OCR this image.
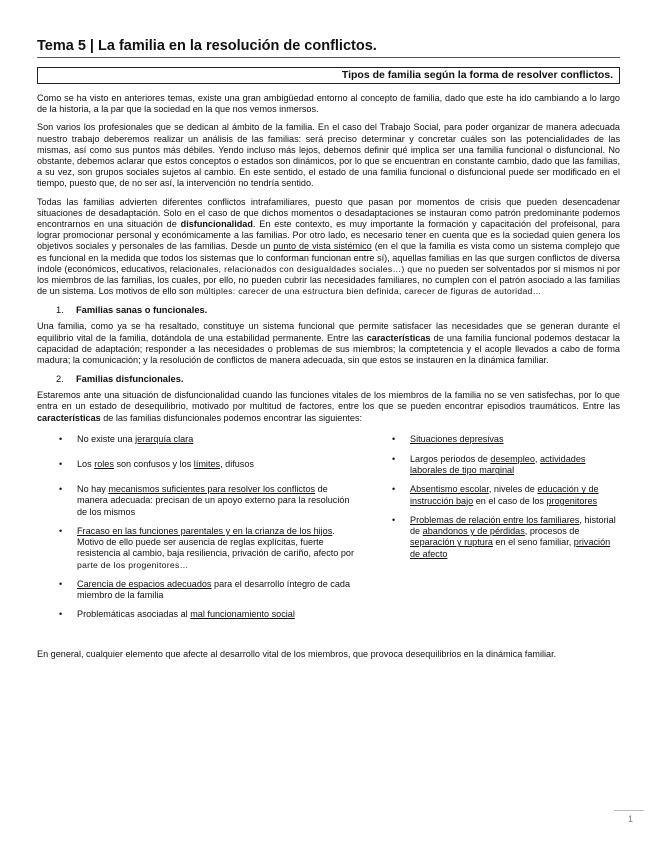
Tema 5 | La familia en la resolución de conflictos.
Tipos de familia según la forma de resolver conflictos.

Como se ha visto en anteriores temas, existe una gran ambigüedad entorno al concepto de familia, dado que este ha ido cambiando a lo largo de la historia, a la par que la sociedad en la que nos vemos inmersos.

Son varios los profesionales que se dedican al ámbito de la familia. En el caso del Trabajo Social, para poder organizar de manera adecuada nuestro trabajo deberemos realizar un análisis de las familias: será preciso determinar y concretar cuáles son las potencialidades de las mismas, así como sus puntos más débiles. Yendo incluso más lejos, debemos definir qué implica ser una familia funcional o disfuncional. No obstante, debemos aclarar que estos conceptos o estados son dinámicos, por lo que se encuentran en constante cambio, dado que las familias, a su vez, son grupos sociales sujetos al cambio. En este sentido, el estado de una familia funcional o disfuncional puede ser modificado en el tiempo, puesto que, de no ser así, la intervención no tendría sentido.

Todas las familias advierten diferentes conflictos intrafamiliares, puesto que pasan por momentos de crisis que pueden desencadenar situaciones de desadaptación. Solo en el caso de que dichos momentos o desadaptaciones se instauran como patrón predominante podemos encontrarnos en una situación de disfuncionalidad. En este contexto, es muy importante la formación y capacitación del profeisonal, para lograr promocionar personal y económicamente a las familias. Por otro lado, es necesario tener en cuenta que es la sociedad quien genera los objetivos sociales y personales de las familias. Desde un punto de vista sistémico (en el que la familia es vista como un sistema complejo que es funcional en la medida que todos los sistemas que lo conforman funcionan entre sí), aquellas familias en las que surgen conflictos de diversa índole (económicos, educativos, relacionales, relacionados con desigualdades sociales…) que no pueden ser solventados por sí mismos ni por los miembros de las familias, los cuales, por ello, no pueden cubrir las necesidades familiares, no cumplen con el patrón asociado a las familias de un sistema. Los motivos de ello son múltiples: carecer de una estructura bien definida, carecer de figuras de autoridad…

1. Familias sanas o funcionales.

Una familia, como ya se ha resaltado, constituye un sistema funcional que permite satisfacer las necesidades que se generan durante el equilibrio vital de la familia, dotándola de una estabilidad permanente. Entre las características de una familia funcional podemos destacar la capacidad de adaptación; responder a las necesidades o problemas de sus miembros; la comptetencia y el acople llevados a cabo de forma madura; la comunicación; y la resolución de conflictos de manera adecuada, sin que estos se instauren en la dinámica familiar.

2. Familias disfuncionales.

Estaremos ante una situación de disfuncionalidad cuando las funciones vitales de los miembros de la familia no se ven satisfechas, por lo que entra en un estado de desequilibrio, motivado por multitud de factores, entre los que se pueden encontrar episodios traumáticos. Entre las características de las familias disfuncionales podemos encontrar las siguientes:

• No existe una jerarquía clara
• Los roles son confusos y los límites, difusos
• No hay mecanismos suficientes para resolver los conflictos de manera adecuada: precisan de un apoyo externo para la resolución de los mismos
• Fracaso en las funciones parentales y en la crianza de los hijos. Motivo de ello puede ser ausencia de reglas explícitas, fuerte resistencia al cambio, baja resiliencia, privación de cariño, afecto por parte de los progenitores…
• Carencia de espacios adecuados para el desarrollo íntegro de cada miembro de la familia
• Problemáticas asociadas al mal funcionamiento social
• Situaciones depresivas
• Largos periodos de desempleo, actividades laborales de tipo marginal
• Absentismo escolar, niveles de educación y de instrucción bajo en el caso de los progenitores
• Problemas de relación entre los familiares, historial de abandonos y de pérdidas, procesos de separación y ruptura en el seno familiar, privación de afecto

En general, cualquier elemento que afecte al desarrollo vital de los miembros, que provoca desequilibrios en la dinámica familiar.

1
